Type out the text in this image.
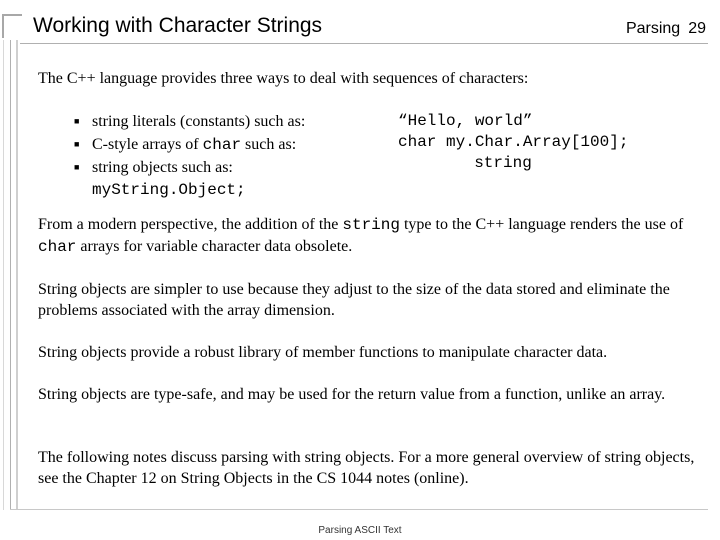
Working with Character Strings	Parsing 29

The C++ language provides three ways to deal with sequences of characters:

■ string literals (constants) such as:
■ C-style arrays of char such as:
■ string objects such as:
myString.Object;
“Hello, world”
char my.Char.Array[100];
string

From a modern perspective, the addition of the string type to the C++ language renders the use of char arrays for variable character data obsolete.

String objects are simpler to use because they adjust to the size of the data stored and eliminate the problems associated with the array dimension.

String objects provide a robust library of member functions to manipulate character data.

String objects are type-safe, and may be used for the return value from a function, unlike an array.

The following notes discuss parsing with string objects. For a more general overview of string objects, see the Chapter 12 on String Objects in the CS 1044 notes (online).

Parsing ASCII Text
